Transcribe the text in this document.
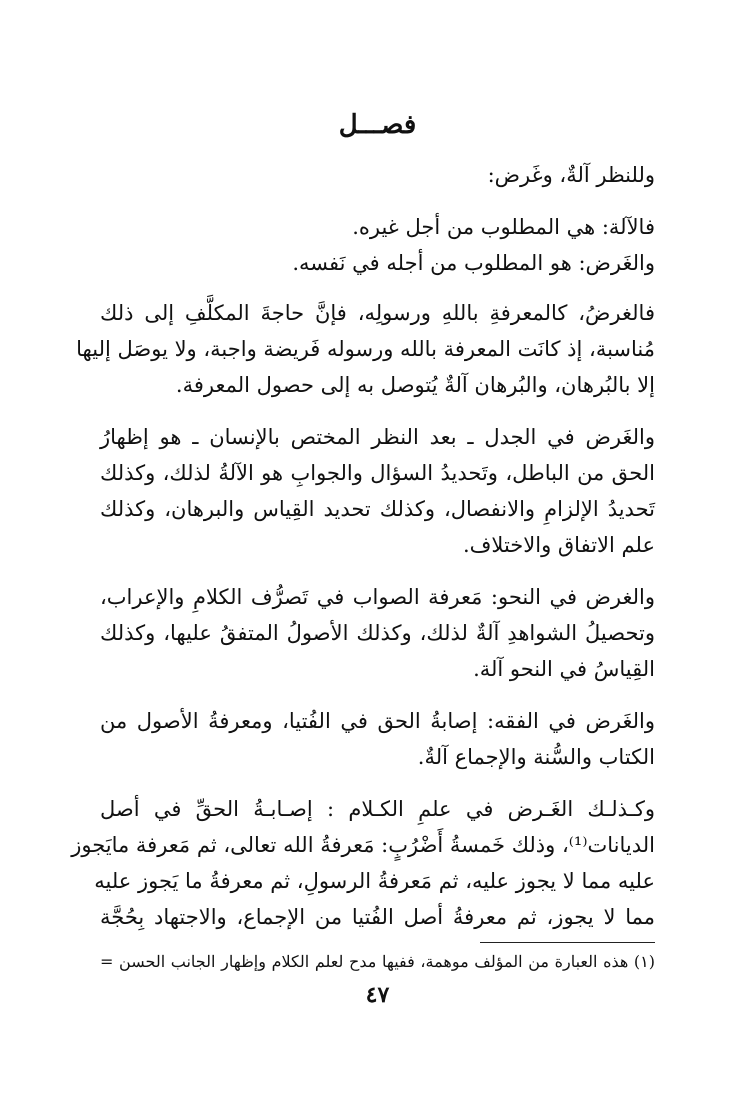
فصـــل
وللنظر آلةٌ، وغَرض:
فالآلة: هي المطلوب من أجل غيره.
والغَرض: هو المطلوب من أجله في نَفسه.
فالغرضُ، كالمعرفةِ باللهِ ورسولِه، فإنَّ حاجةَ المكلَّفِ إلى ذلك
مُناسبة، إذ كانَت المعرفة بالله ورسوله فَريضة واجبة، ولا يوصَل إليها
إلا بالبُرهان، والبُرهان آلةٌ يُتوصل به إلى حصول المعرفة.
والغَرض في الجدل ـ بعد النظر المختص بالإنسان ـ هو إظهارُ
الحق من الباطل، وتَحديدُ السؤال والجوابِ هو الآلةُ لذلك، وكذلك
تَحديدُ الإلزامِ والانفصال، وكذلك تحديد القِياس والبرهان، وكذلك
علم الاتفاق والاختلاف.
والغرض في النحو: مَعرفة الصواب في تَصرُّف الكلامِ والإعراب،
وتحصيلُ الشواهدِ آلةٌ لذلك، وكذلك الأصولُ المتفقُ عليها، وكذلك
القِياسُ في النحو آلة.
والغَرض في الفقه: إصابةُ الحق في الفُتيا، ومعرفةُ الأصول من
الكتاب والسُّنة والإجماع آلةٌ.
وكـذلـك الغَـرض في علمِ الكـلام : إصـابـةُ الحقِّ في أصل
الديانات⁽¹⁾، وذلك خَمسةُ أَضْرُبٍ: مَعرفةُ الله تعالى، ثم مَعرفة مايَجوز
عليه مما لا يجوز عليه، ثم مَعرفةُ الرسولِ، ثم معرفةُ ما يَجوز عليه
مما لا يجوز، ثم معرفةُ أصل الفُتيا من الإجماع، والاجتهاد بِحُجَّة
(١) هذه العبارة من المؤلف موهمة، ففيها مدح لعلم الكلام وإظهار الجانب الحسن =
٤٧
